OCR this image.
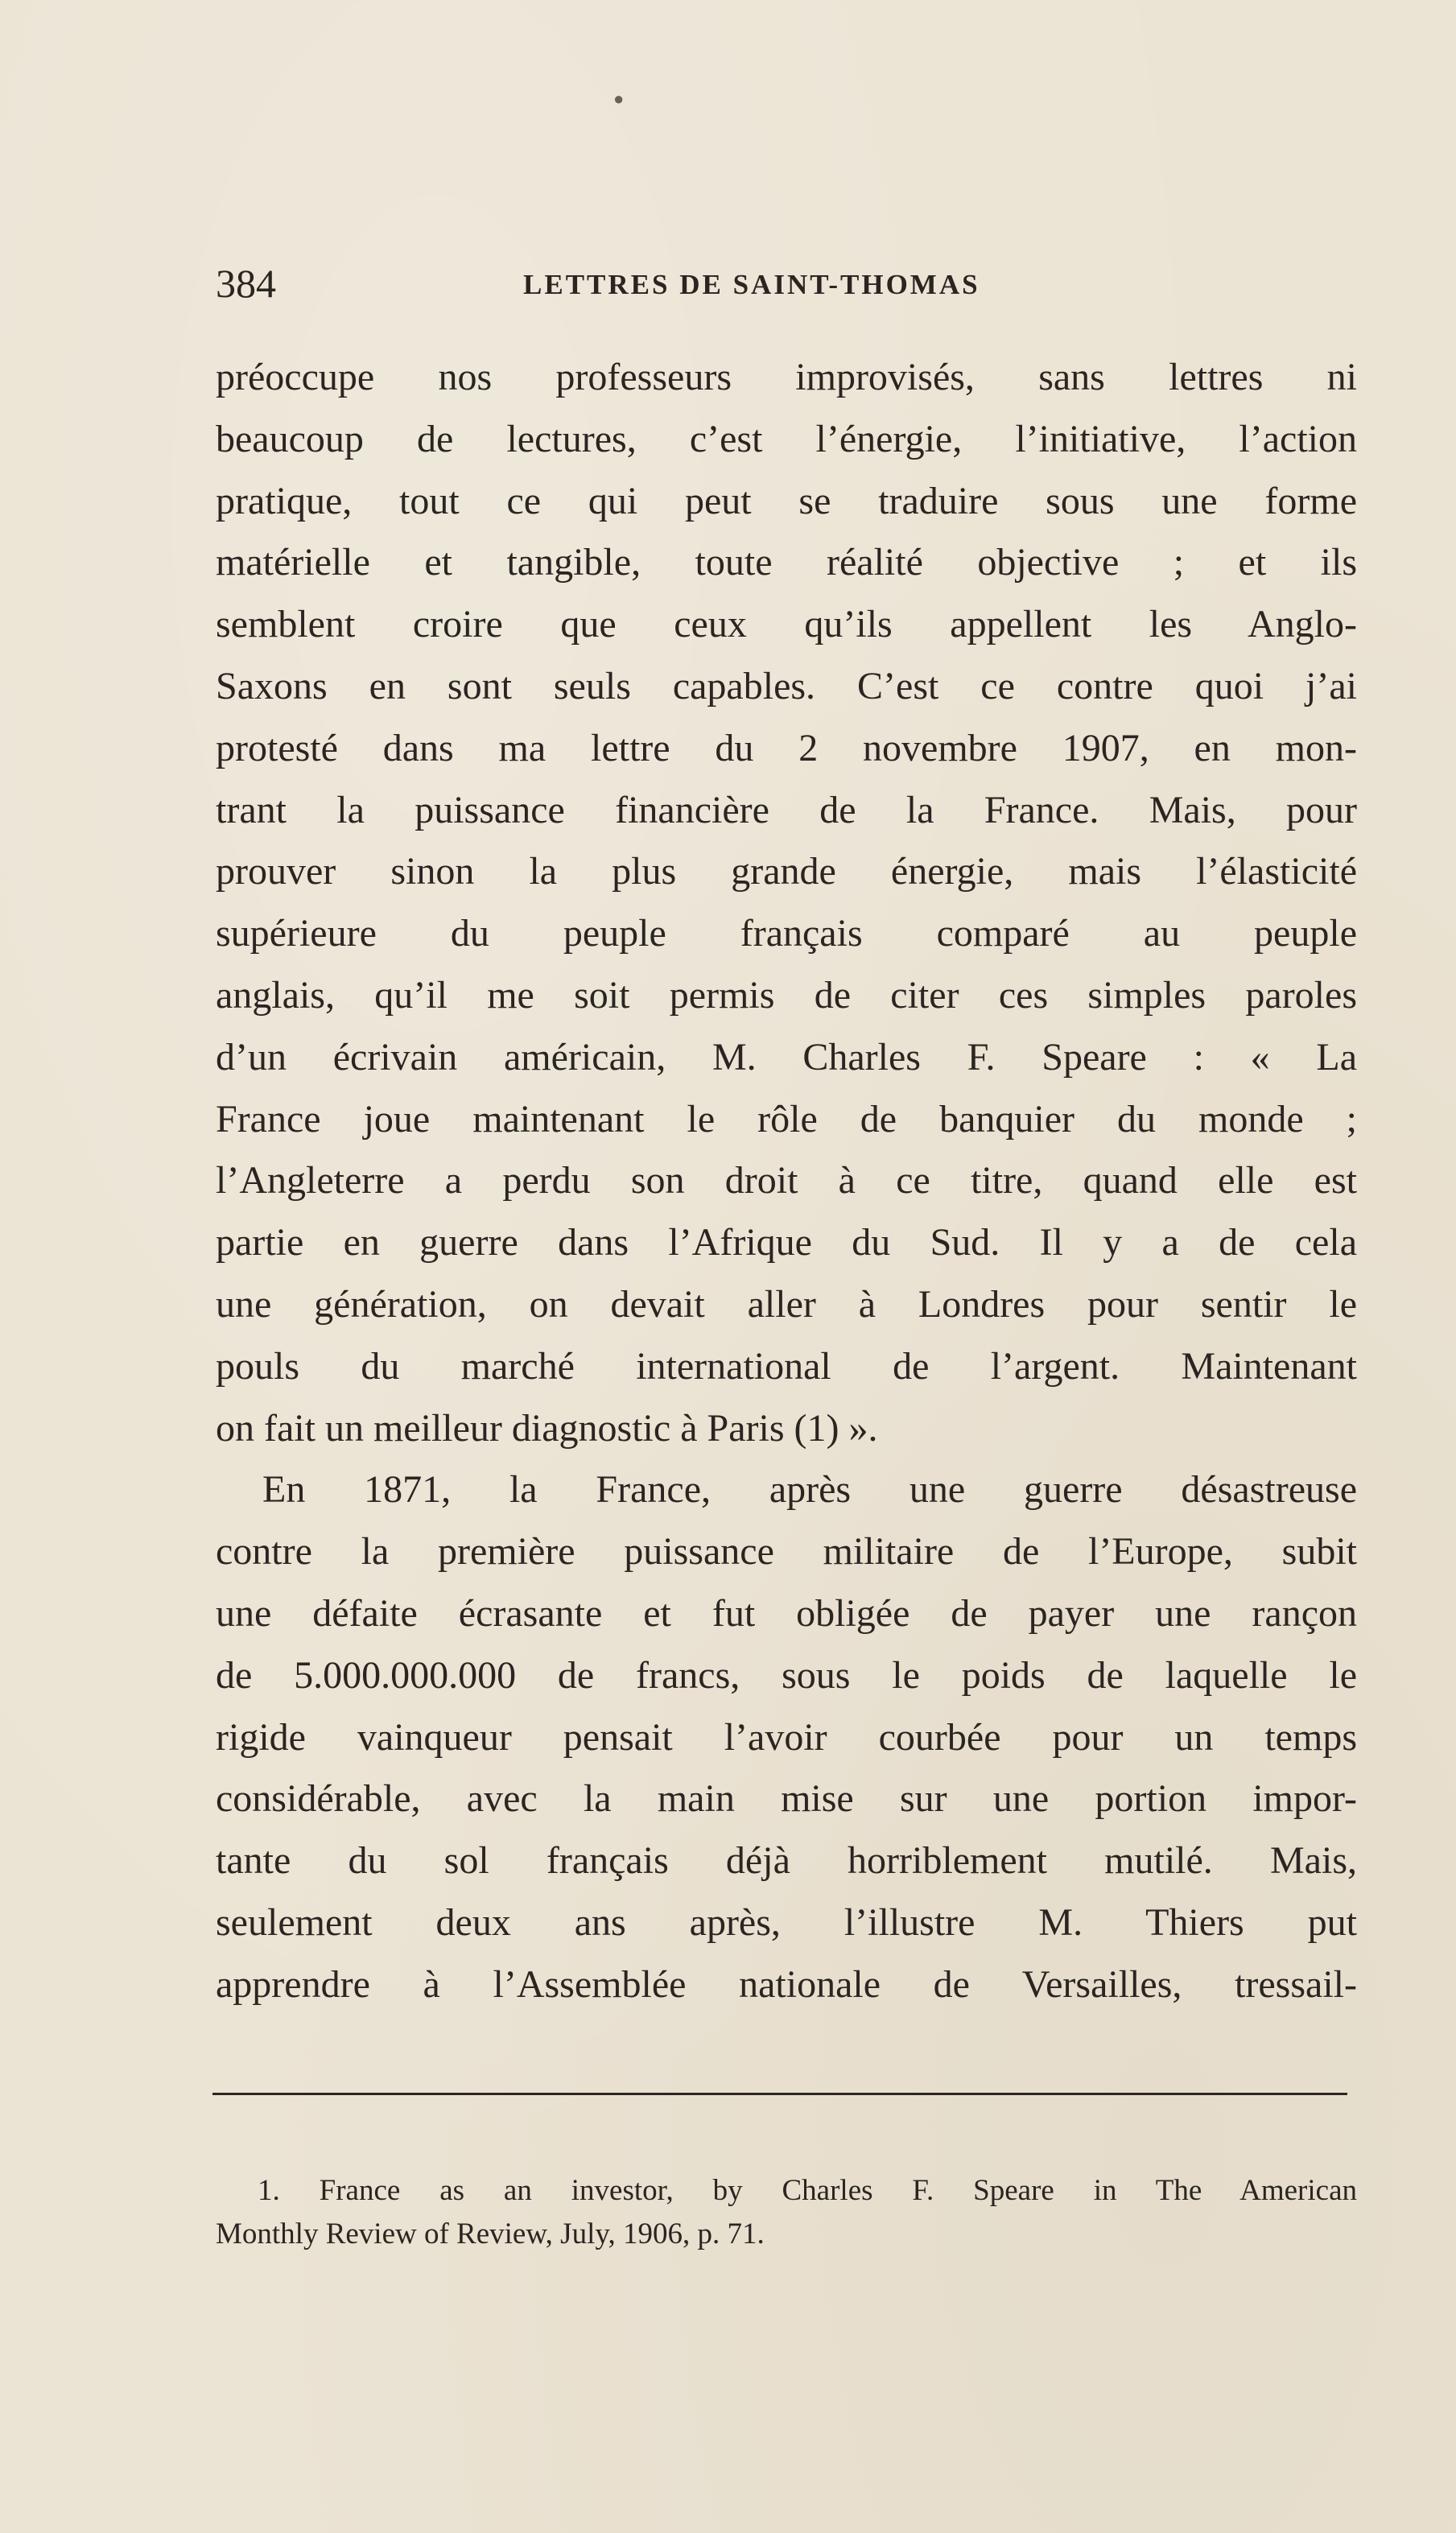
●
384	LETTRES DE SAINT-THOMAS
préoccupe nos professeurs improvisés, sans lettres ni
beaucoup de lectures, c’est l’énergie, l’initiative, l’action
pratique, tout ce qui peut se traduire sous une forme
matérielle et tangible, toute réalité objective ; et ils
semblent croire que ceux qu’ils appellent les Anglo-
Saxons en sont seuls capables. C’est ce contre quoi j’ai
protesté dans ma lettre du 2 novembre 1907, en mon-
trant la puissance financière de la France. Mais, pour
prouver sinon la plus grande énergie, mais l’élasticité
supérieure du peuple français comparé au peuple
anglais, qu’il me soit permis de citer ces simples paroles
d’un écrivain américain, M. Charles F. Speare : « La
France joue maintenant le rôle de banquier du monde ;
l’Angleterre a perdu son droit à ce titre, quand elle est
partie en guerre dans l’Afrique du Sud. Il y a de cela
une génération, on devait aller à Londres pour sentir le
pouls du marché international de l’argent. Maintenant
on fait un meilleur diagnostic à Paris (1) ».
En 1871, la France, après une guerre désastreuse
contre la première puissance militaire de l’Europe, subit
une défaite écrasante et fut obligée de payer une rançon
de 5.000.000.000 de francs, sous le poids de laquelle le
rigide vainqueur pensait l’avoir courbée pour un temps
considérable, avec la main mise sur une portion impor-
tante du sol français déjà horriblement mutilé. Mais,
seulement deux ans après, l’illustre M. Thiers put
apprendre à l’Assemblée nationale de Versailles, tressail-
1. France as an investor, by Charles F. Speare in The American
Monthly Review of Review, July, 1906, p. 71.
